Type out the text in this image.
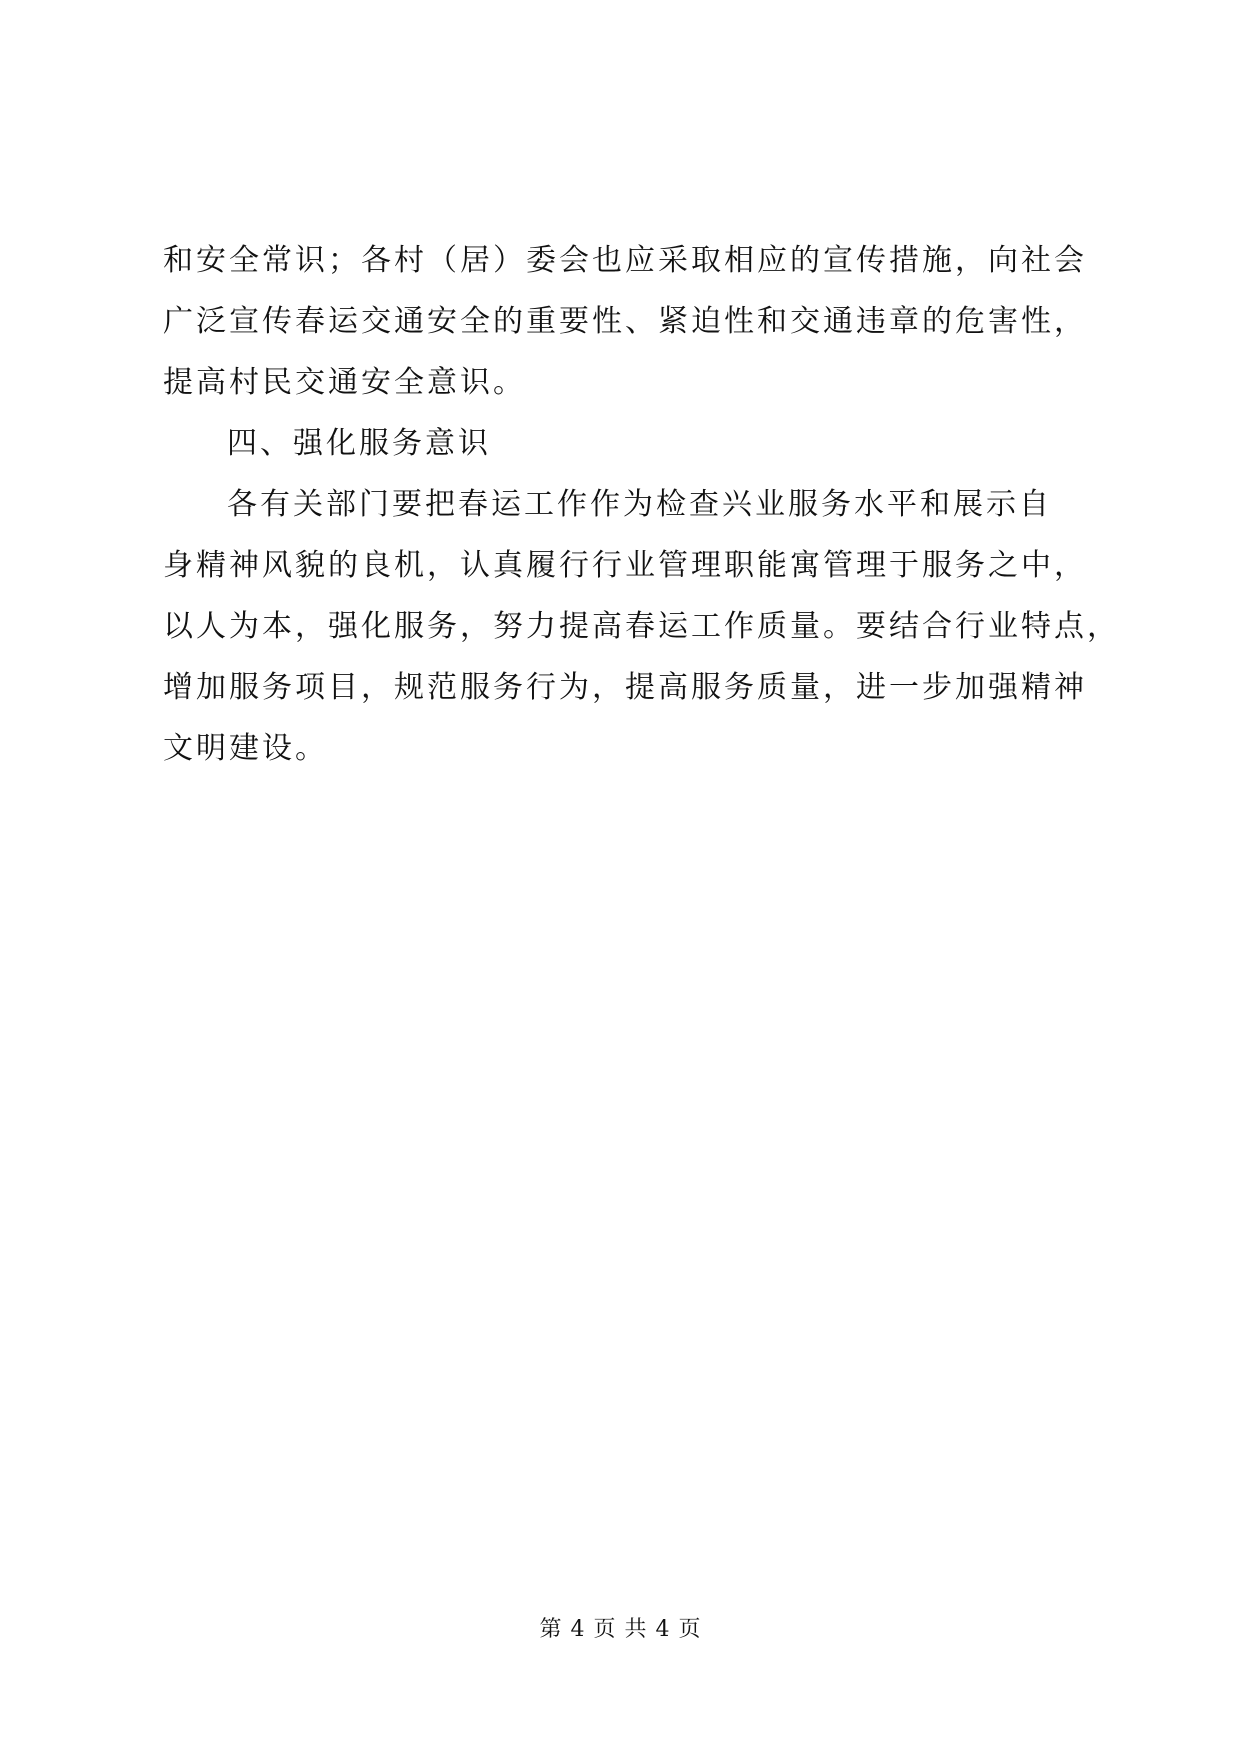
和安全常识；各村（居）委会也应采取相应的宣传措施，向社会
广泛宣传春运交通安全的重要性、紧迫性和交通违章的危害性，
提高村民交通安全意识。
四、强化服务意识
各有关部门要把春运工作作为检查兴业服务水平和展示自
身精神风貌的良机，认真履行行业管理职能寓管理于服务之中，
以人为本，强化服务，努力提高春运工作质量。要结合行业特点，
增加服务项目，规范服务行为，提高服务质量，进一步加强精神
文明建设。
第 4 页 共 4 页
